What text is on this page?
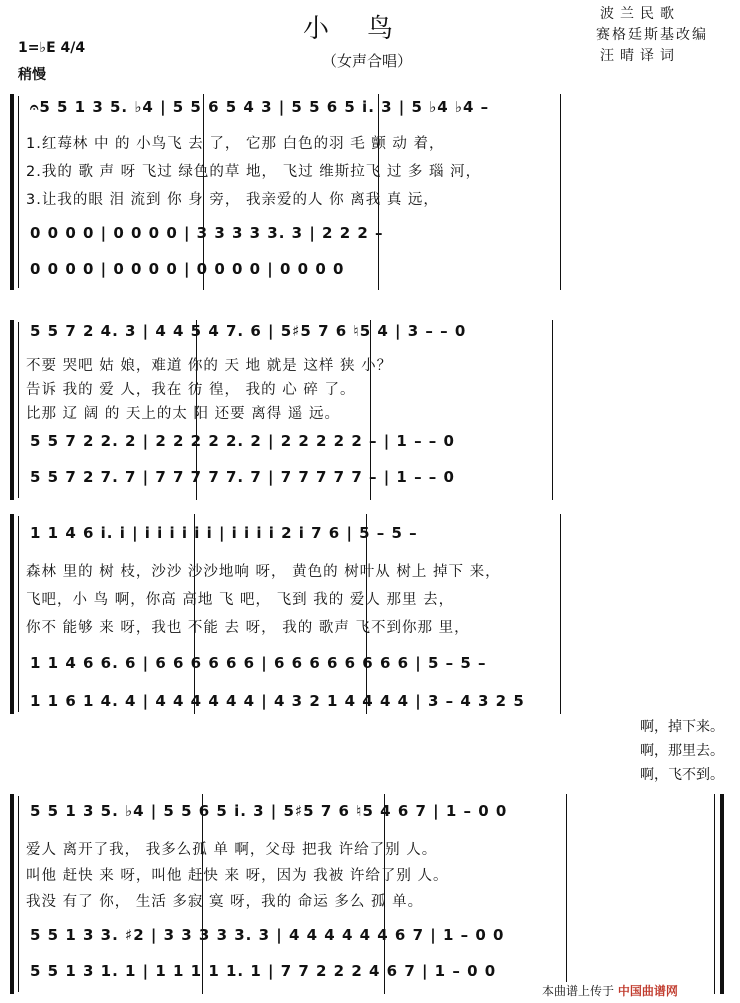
小鸟
（女声合唱）
1=♭E 4/4
稍慢
波兰民歌
赛格廷斯基改编
汪晴译词
𝄐5 5 1 3 5. ♭4 | 5 5 6 5 4 3 | 5 5 6 5 i. 3 | 5 ♭4 ♭4 –
1.红莓林 中 的 小鸟飞 去 了， 它那 白色的羽 毛 颤 动 着，
2.我的 歌 声 呀 飞过 绿色的草 地， 飞过 维斯拉飞 过 多 瑙 河，
3.让我的眼 泪 流到 你 身 旁， 我亲爱的人 你 离我 真 远，
0 0 0 0 | 0 0 0 0 | 3 3 3 3 3. 3 | 2 2 2 –
0 0 0 0 | 0 0 0 0 | 0 0 0 0 | 0 0 0 0
5 5 7 2 4. 3 | 4 4 5 4 7. 6 | 5♯5 7 6 ♮5 4 | 3 – – 0
不要 哭吧 姑 娘，难道 你的 天 地 就是 这样 狭 小？
告诉 我的 爱 人，我在 彷 徨， 我的 心 碎 了。
比那 辽 阔 的 天上的太 阳 还要 离得 遥 远。
5 5 7 2 2. 2 | 2 2 2 2 2. 2 | 2 2 2 2 2 – | 1 – – 0
5 5 7 2 7. 7 | 7 7 7 7 7. 7 | 7 7 7 7 7 – | 1 – – 0
1 1 4 6 i. i | i i i i i i | i i i i 2 i 7 6 | 5 – 5 –
森林 里的 树 枝，沙沙 沙沙地响 呀， 黄色的 树叶从 树上 掉下 来，
飞吧，小 鸟 啊，你高 高地 飞 吧， 飞到 我的 爱人 那里 去，
你不 能够 来 呀，我也 不能 去 呀， 我的 歌声 飞不到你那 里，
1 1 4 6 6. 6 | 6 6 6 6 6 6 | 6 6 6 6 6 6 6 6 | 5 – 5 –
1 1 6 1 4. 4 | 4 4 4 4 4 4 | 4 3 2 1 4 4 4 4 | 3 – 4 3 2 5
啊，掉下来。
啊，那里去。
啊，飞不到。
5 5 1 3 5. ♭4 | 5 5 6 5 i. 3 | 5♯5 7 6 ♮5 4 6 7 | 1 – 0 0
爱人 离开了我， 我多么孤 单 啊，父母 把我 许给了别 人。
叫他 赶快 来 呀，叫他 赶快 来 呀，因为 我被 许给了别 人。
我没 有了 你， 生活 多寂 寞 呀，我的 命运 多么 孤 单。
5 5 1 3 3. ♯2 | 3 3 3 3 3. 3 | 4 4 4 4 4 4 6 7 | 1 – 0 0
5 5 1 3 1. 1 | 1 1 1 1 1. 1 | 7 7 2 2 2 4 6 7 | 1 – 0 0
本曲谱上传于 中国曲谱网
